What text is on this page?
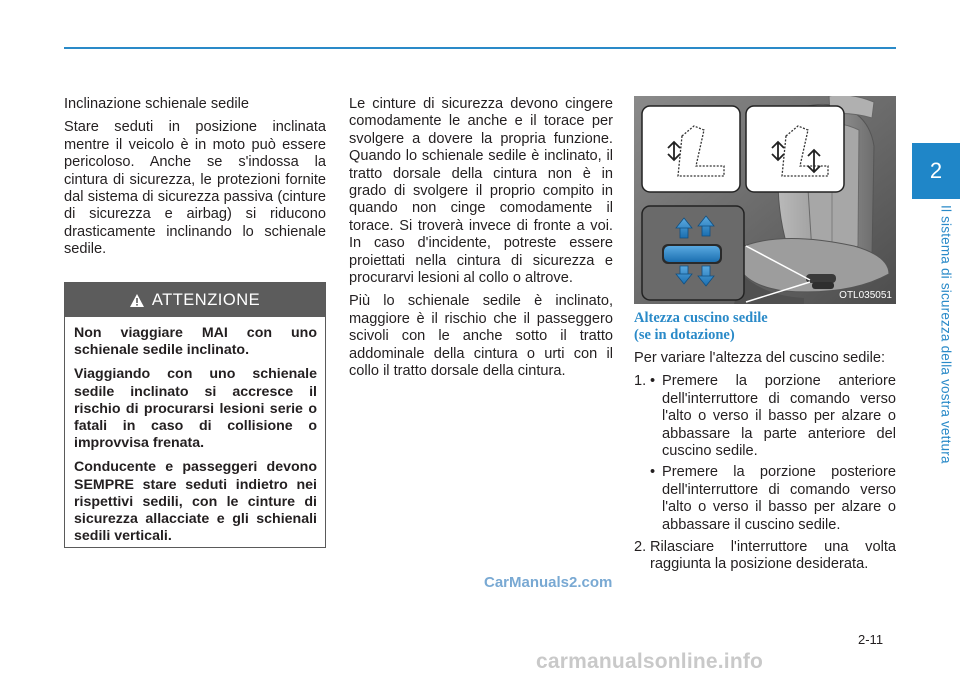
2
Il sistema di sicurezza della vostra vettura

Inclinazione schienale sedile

Stare seduti in posizione inclinata mentre il veicolo è in moto può essere pericoloso. Anche se s'indossa la cintura di sicurezza, le protezioni fornite dal sistema di sicurezza passiva (cinture di sicurezza e airbag) si riducono drasticamente inclinando lo schienale sedile.

ATTENZIONE

Non viaggiare MAI con uno schienale sedile inclinato.

Viaggiando con uno schienale sedile inclinato si accresce il rischio di procurarsi lesioni serie o fatali in caso di collisione o improvvisa frenata.

Conducente e passeggeri devono SEMPRE stare seduti indietro nei rispettivi sedili, con le cinture di sicurezza allacciate e gli schienali sedili verticali.

Le cinture di sicurezza devono cingere comodamente le anche e il torace per svolgere a dovere la propria funzione. Quando lo schienale sedile è inclinato, il tratto dorsale della cintura non è in grado di svolgere il proprio compito in quando non cinge comodamente il torace. Si troverà invece di fronte a voi. In caso d'incidente, potreste essere proiettati nella cintura di sicurezza e procurarvi lesioni al collo o altrove.

Più lo schienale sedile è inclinato, maggiore è il rischio che il passeggero scivoli con le anche sotto il tratto addominale della cintura o urti con il collo il tratto dorsale della cintura.

OTL035051
Altezza cuscino sedile
(se in dotazione)

Per variare l'altezza del cuscino sedile:

1. • Premere la porzione anteriore dell'interruttore di comando verso l'alto o verso il basso per alzare o abbassare la parte anteriore del cuscino sedile.
• Premere la porzione posteriore dell'interruttore di comando verso l'alto o verso il basso per alzare o abbassare il cuscino sedile.
2. Rilasciare l'interruttore una volta raggiunta la posizione desiderata.
CarManuals2.com
2-11
carmanualsonline.info
